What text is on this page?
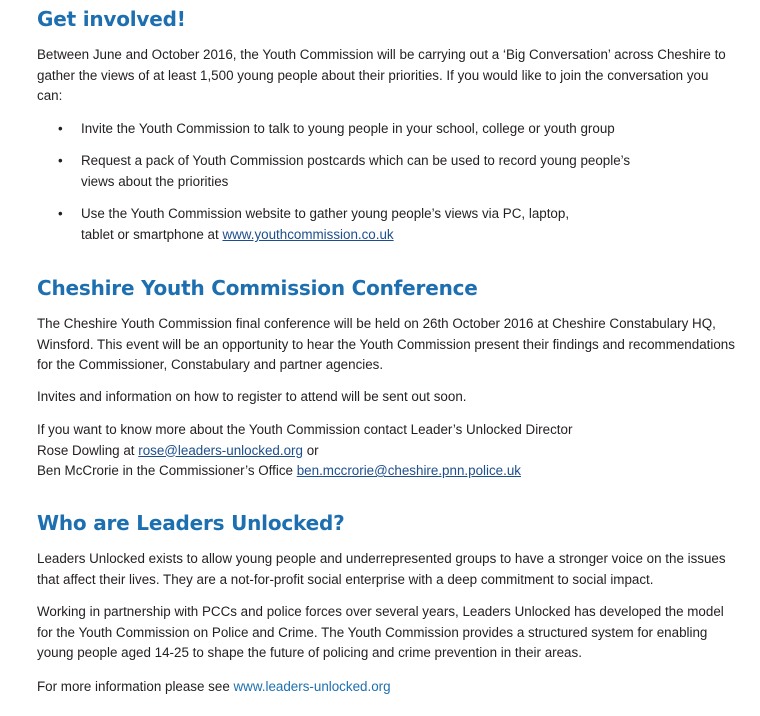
Get involved!

Between June and October 2016, the Youth Commission will be carrying out a ‘Big Conversation’ across Cheshire to gather the views of at least 1,500 young people about their priorities. If you would like to join the conversation you can:

• Invite the Youth Commission to talk to young people in your school, college or youth group
• Request a pack of Youth Commission postcards which can be used to record young people’s views about the priorities
• Use the Youth Commission website to gather young people’s views via PC, laptop, tablet or smartphone at www.youthcommission.co.uk
Cheshire Youth Commission Conference

The Cheshire Youth Commission final conference will be held on 26th October 2016 at Cheshire Constabulary HQ, Winsford. This event will be an opportunity to hear the Youth Commission present their findings and recommendations for the Commissioner, Constabulary and partner agencies.

Invites and information on how to register to attend will be sent out soon.

If you want to know more about the Youth Commission contact Leader’s Unlocked Director
Rose Dowling at rose@leaders-unlocked.org or
Ben McCrorie in the Commissioner’s Office ben.mccrorie@cheshire.pnn.police.uk

Who are Leaders Unlocked?

Leaders Unlocked exists to allow young people and underrepresented groups to have a stronger voice on the issues that affect their lives. They are a not-for-profit social enterprise with a deep commitment to social impact.

Working in partnership with PCCs and police forces over several years, Leaders Unlocked has developed the model for the Youth Commission on Police and Crime. The Youth Commission provides a structured system for enabling young people aged 14-25 to shape the future of policing and crime prevention in their areas.

For more information please see www.leaders-unlocked.org
